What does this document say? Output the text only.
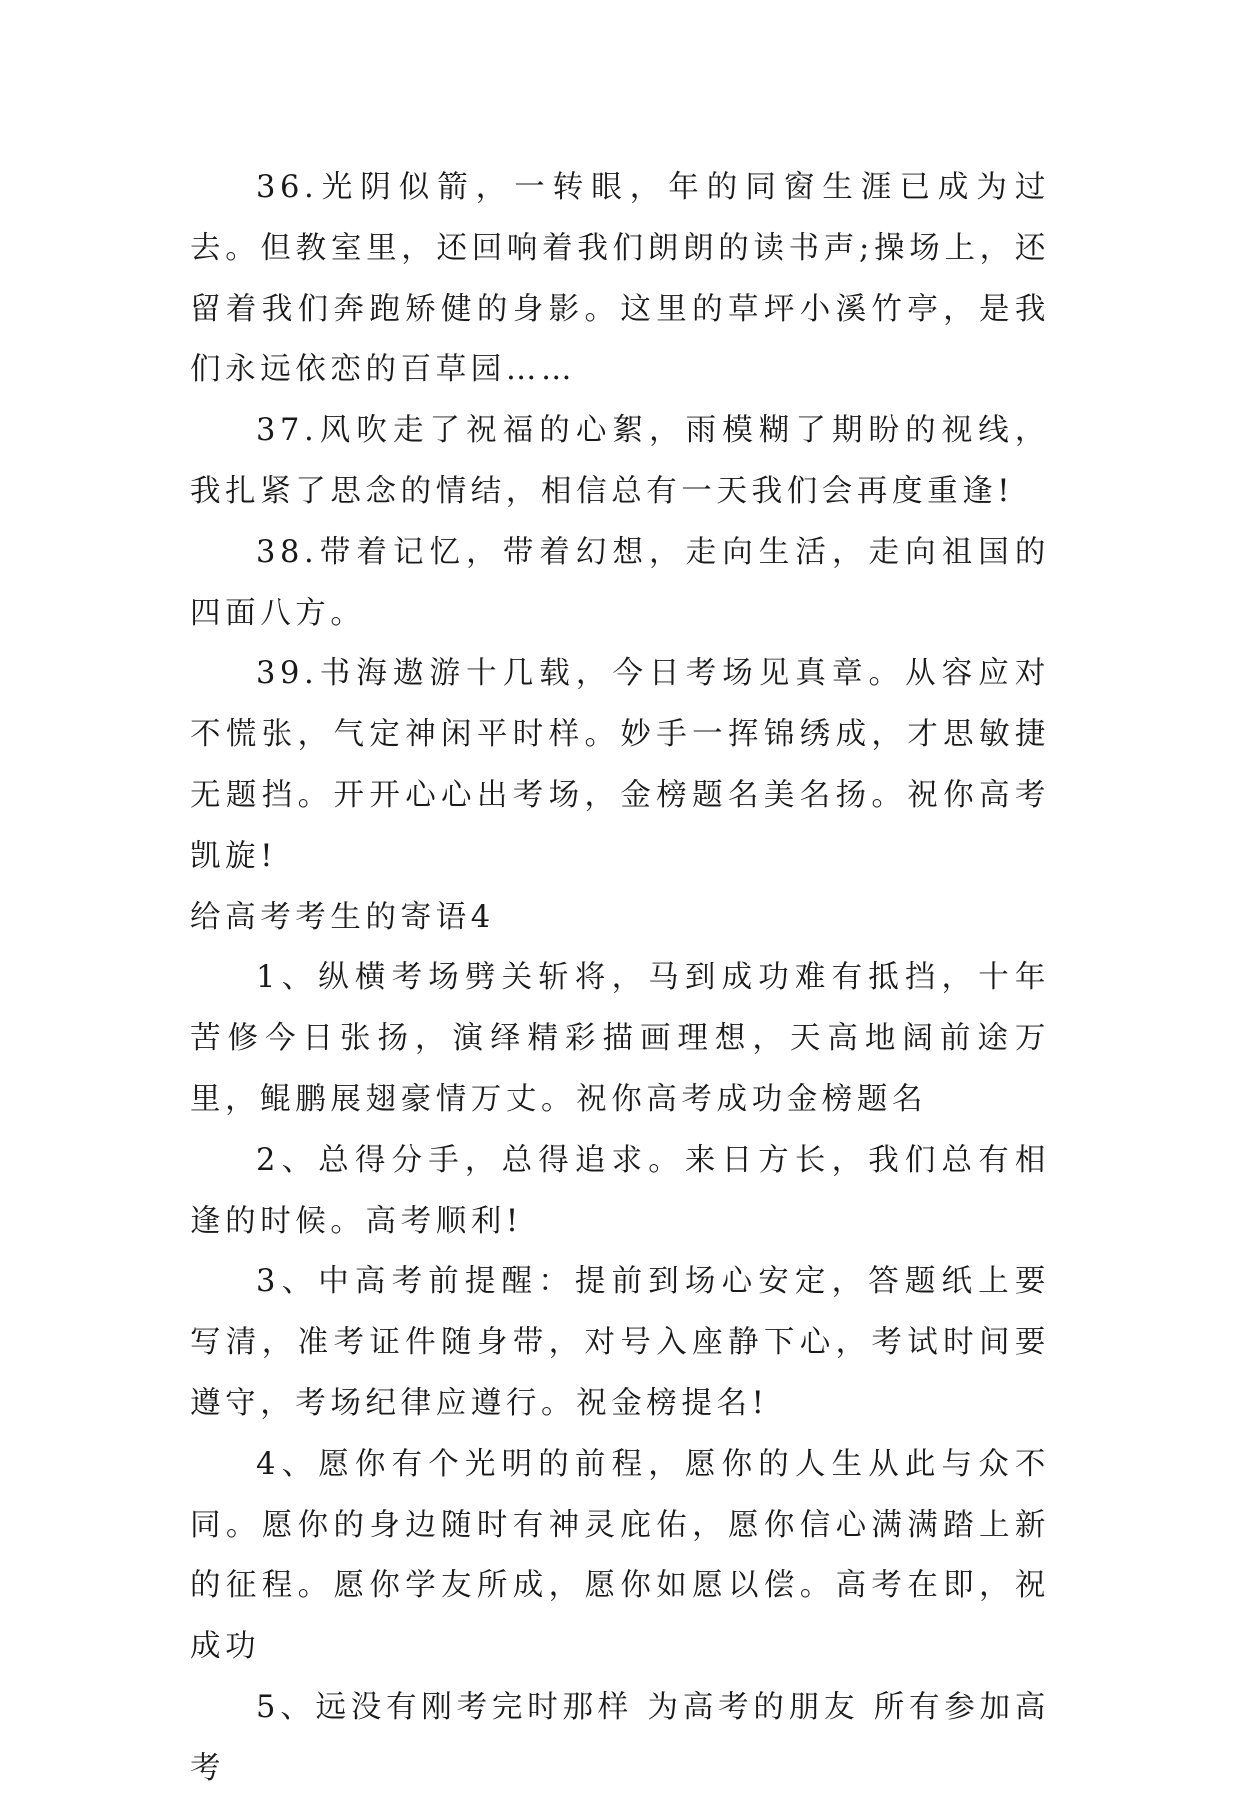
36.光阴似箭，一转眼，年的同窗生涯已成为过去。但教室里，还回响着我们朗朗的读书声;操场上，还留着我们奔跑矫健的身影。这里的草坪小溪竹亭，是我们永远依恋的百草园……

37.风吹走了祝福的心絮，雨模糊了期盼的视线，我扎紧了思念的情结，相信总有一天我们会再度重逢!

38.带着记忆，带着幻想，走向生活，走向祖国的四面八方。

39.书海遨游十几载，今日考场见真章。从容应对不慌张，气定神闲平时样。妙手一挥锦绣成，才思敏捷无题挡。开开心心出考场，金榜题名美名扬。祝你高考凯旋!

给高考考生的寄语4

1、纵横考场劈关斩将，马到成功难有抵挡，十年苦修今日张扬，演绎精彩描画理想，天高地阔前途万里，鲲鹏展翅豪情万丈。祝你高考成功金榜题名

2、总得分手，总得追求。来日方长，我们总有相逢的时候。高考顺利!

3、中高考前提醒：提前到场心安定，答题纸上要写清，准考证件随身带，对号入座静下心，考试时间要遵守，考场纪律应遵行。祝金榜提名!

4、愿你有个光明的前程，愿你的人生从此与众不同。愿你的身边随时有神灵庇佑，愿你信心满满踏上新的征程。愿你学友所成，愿你如愿以偿。高考在即，祝成功

5、远没有刚考完时那样 为高考的朋友 所有参加高考
